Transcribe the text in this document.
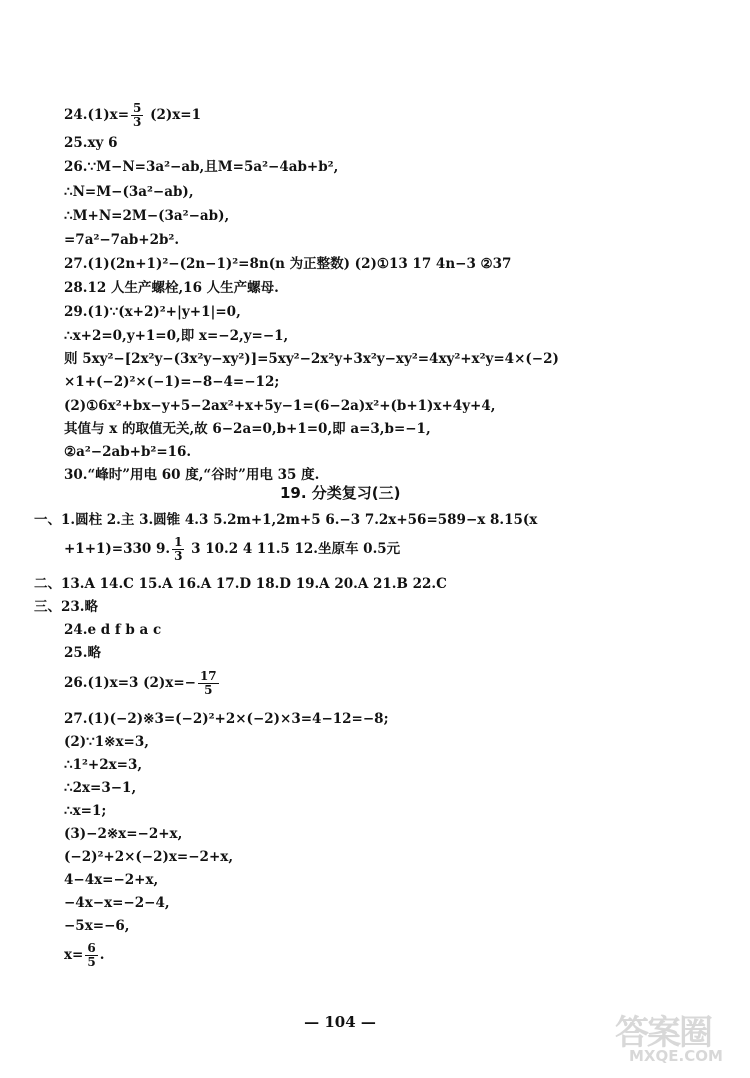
$24.(1)x= \frac{5}{3} (2)x=1$
25.xy 6
26.∵M−N=3a²−ab,且M=5a²−4ab+b²,
∴N=M−(3a²−ab),
∴M+N=2M−(3a²−ab),
=7a²−7ab+2b².
27.(1)(2n+1)²−(2n−1)²=8n(n 为正整数) (2)①13 17 4n−3 ②37
28.12 人生产螺栓,16 人生产螺母.
29.(1)∵(x+2)²+|y+1|=0,
∴x+2=0,y+1=0,即 x=−2,y=−1,
则 5xy²−[2x²y−(3x²y−xy²)]=5xy²−2x²y+3x²y−xy²=4xy²+x²y=4×(−2)
×1+(−2)²×(−1)=−8−4=−12;
(2)①6x²+bx−y+5−2ax²+x+5y−1=(6−2a)x²+(b+1)x+4y+4,
其值与 x 的取值无关,故 6−2a=0,b+1=0,即 a=3,b=−1,
②a²−2ab+b²=16.
30.“峰时”用电 60 度,“谷时”用电 35 度.
19. 分类复习(三)
一、1.圆柱 2.主 3.圆锥 4.3 5.2m+1,2m+5 6.−3 7.2x+56=589−x 8.15(x
+1+1)=330 9. $\frac{1}{3} 3$ 10.2 4 11.5 12.坐原车 0.5元
二、13.A 14.C 15.A 16.A 17.D 18.D 19.A 20.A 21.B 22.C
三、23.略
24.e d f b a c
25.略
26.(1)x=3 $(2)x=- \frac{17}{5}$
27.(1)(−2)※3=(−2)²+2×(−2)×3=4−12=−8;
(2)∵1※x=3,
∴1²+2x=3,
∴2x=3−1,
∴x=1;
(3)−2※x=−2+x,
(−2)²+2×(−2)x=−2+x,
4−4x=−2+x,
−4x−x=−2−4,
−5x=−6,
$x= \frac{6}{5}$ .
— 104 —	答案圈
MXQE.COM
